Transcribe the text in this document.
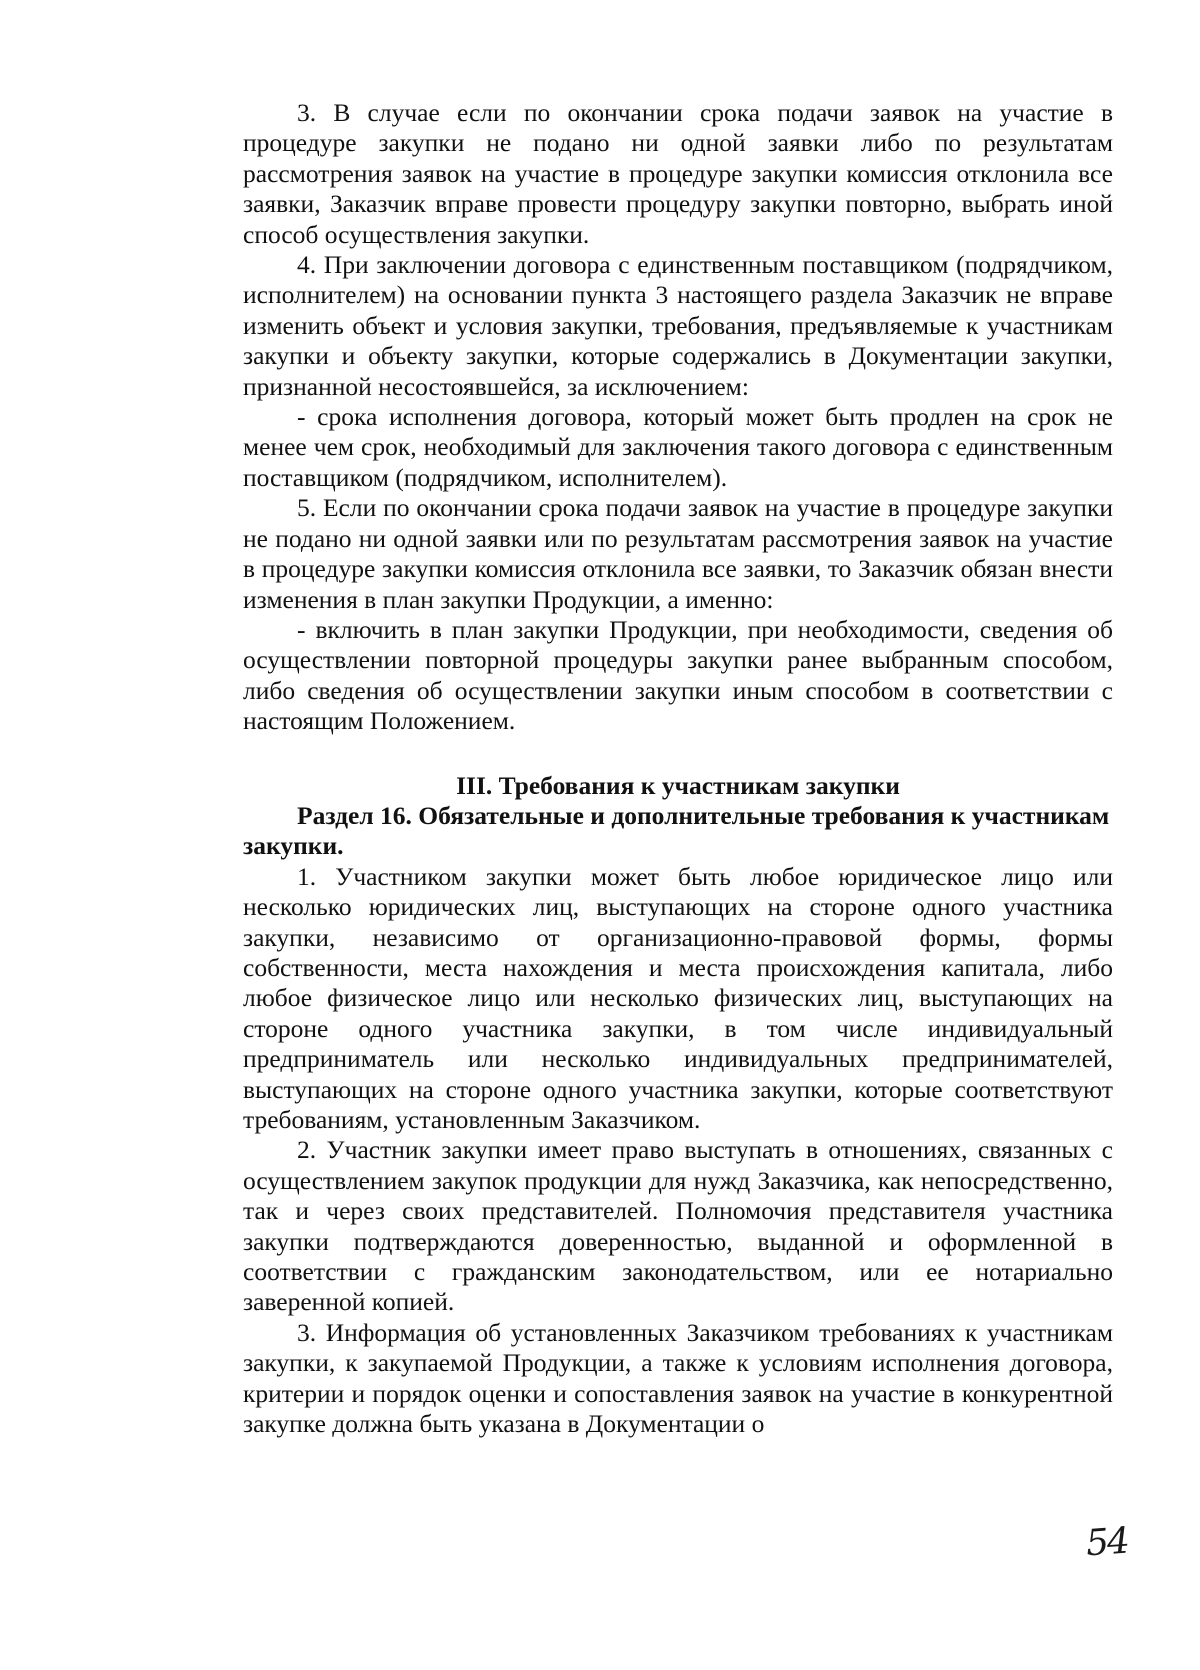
3. В случае если по окончании срока подачи заявок на участие в процедуре закупки не подано ни одной заявки либо по результатам рассмотрения заявок на участие в процедуре закупки комиссия отклонила все заявки, Заказчик вправе провести процедуру закупки повторно, выбрать иной способ осуществления закупки.

4. При заключении договора с единственным поставщиком (подрядчиком, исполнителем) на основании пункта 3 настоящего раздела Заказчик не вправе изменить объект и условия закупки, требования, предъявляемые к участникам закупки и объекту закупки, которые содержались в Документации закупки, признанной несостоявшейся, за исключением:

- срока исполнения договора, который может быть продлен на срок не менее чем срок, необходимый для заключения такого договора с единственным поставщиком (подрядчиком, исполнителем).

5. Если по окончании срока подачи заявок на участие в процедуре закупки не подано ни одной заявки или по результатам рассмотрения заявок на участие в процедуре закупки комиссия отклонила все заявки, то Заказчик обязан внести изменения в план закупки Продукции, а именно:

- включить в план закупки Продукции, при необходимости, сведения об осуществлении повторной процедуры закупки ранее выбранным способом, либо сведения об осуществлении закупки иным способом в соответствии с настоящим Положением.

III. Требования к участникам закупки

Раздел 16. Обязательные и дополнительные требования к участникам закупки.

1. Участником закупки может быть любое юридическое лицо или несколько юридических лиц, выступающих на стороне одного участника закупки, независимо от организационно-правовой формы, формы собственности, места нахождения и места происхождения капитала, либо любое физическое лицо или несколько физических лиц, выступающих на стороне одного участника закупки, в том числе индивидуальный предприниматель или несколько индивидуальных предпринимателей, выступающих на стороне одного участника закупки, которые соответствуют требованиям, установленным Заказчиком.

2. Участник закупки имеет право выступать в отношениях, связанных с осуществлением закупок продукции для нужд Заказчика, как непосредственно, так и через своих представителей. Полномочия представителя участника закупки подтверждаются доверенностью, выданной и оформленной в соответствии с гражданским законодательством, или ее нотариально заверенной копией.

3. Информация об установленных Заказчиком требованиях к участникам закупки, к закупаемой Продукции, а также к условиям исполнения договора, критерии и порядок оценки и сопоставления заявок на участие в конкурентной закупке должна быть указана в Документации о

54
